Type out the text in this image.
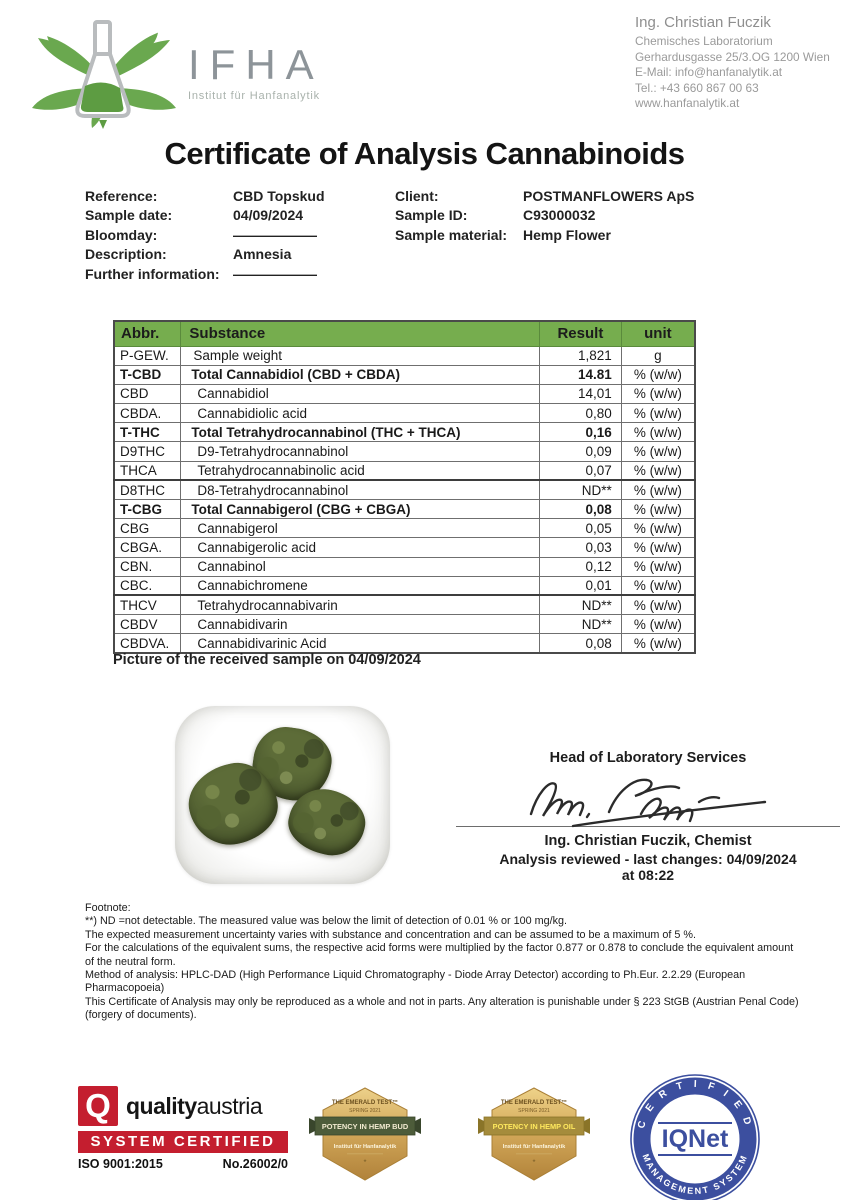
IFHA
Institut für Hanfanalytik
Ing. Christian Fuczik
Chemisches Laboratorium
Gerhardusgasse 25/3.OG 1200 Wien
E-Mail: info@hanfanalytik.at
Tel.: +43 660 867 00 63
www.hanfanalytik.at
Certificate of Analysis Cannabinoids
Reference:	CBD Topskud
Sample date:	04/09/2024
Bloomday:	——————
Description:	Amnesia
Further information: ——————
Client:	POSTMANFLOWERS ApS
Sample ID:	C93000032
Sample material:	Hemp Flower
Abbr.	Substance	Result	unit
P-GEW.	Sample weight	1,821	g
T-CBD	Total Cannabidiol (CBD + CBDA)	14.81	% (w/w)
CBD	Cannabidiol	14,01	% (w/w)
CBDA.	Cannabidiolic acid	0,80	% (w/w)
T-THC	Total Tetrahydrocannabinol (THC + THCA)	0,16	% (w/w)
D9THC	D9-Tetrahydrocannabinol	0,09	% (w/w)
THCA	Tetrahydrocannabinolic acid	0,07	% (w/w)
D8THC	D8-Tetrahydrocannabinol	ND**	% (w/w)
T-CBG	Total Cannabigerol (CBG + CBGA)	0,08	% (w/w)
CBG	Cannabigerol	0,05	% (w/w)
CBGA.	Cannabigerolic acid	0,03	% (w/w)
CBN.	Cannabinol	0,12	% (w/w)
CBC.	Cannabichromene	0,01	% (w/w)
THCV	Tetrahydrocannabivarin	ND**	% (w/w)
CBDV	Cannabidivarin	ND**	% (w/w)
CBDVA.	Cannabidivarinic Acid	0,08	% (w/w)
Picture of the received sample on 04/09/2024
Head of Laboratory Services
Ing. Christian Fuczik, Chemist
Analysis reviewed - last changes: 04/09/2024
at 08:22
Footnote:
**) ND =not detectable. The measured value was below the limit of detection of 0.01 % or 100 mg/kg.
The expected measurement uncertainty varies with substance and concentration and can be assumed to be a maximum of 5 %.
For the calculations of the equivalent sums, the respective acid forms were multiplied by the factor 0.877 or 0.878 to conclude the equivalent amount of the neutral form.
Method of analysis: HPLC-DAD (High Performance Liquid Chromatography - Diode Array Detector) according to Ph.Eur. 2.2.29 (European Pharmacopoeia)
This Certificate of Analysis may only be reproduced as a whole and not in parts. Any alteration is punishable under § 223 StGB (Austrian Penal Code) (forgery of documents).
Q qualityaustria
SYSTEM CERTIFIED
ISO 9001:2015	No.26002/0
THE EMERALD TEST™
SPRING 2021
POTENCY IN HEMP BUD
Institut für Hanfanalytik
★
THE EMERALD TEST™
SPRING 2021
POTENCY IN HEMP OIL
Institut für Hanfanalytik
★
C E R T I F I E D
MANAGEMENT SYSTEM
IQNet
